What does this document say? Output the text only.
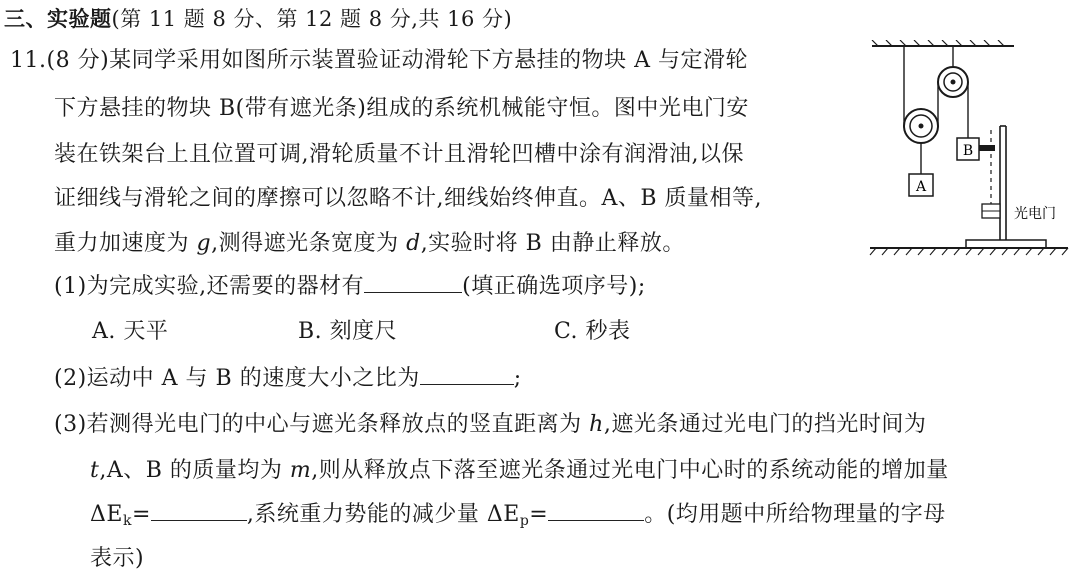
三、实验题(第 11 题 8 分、第 12 题 8 分,共 16 分)
11.(8 分)某同学采用如图所示装置验证动滑轮下方悬挂的物块 A 与定滑轮
下方悬挂的物块 B(带有遮光条)组成的系统机械能守恒。图中光电门安
装在铁架台上且位置可调,滑轮质量不计且滑轮凹槽中涂有润滑油,以保
证细线与滑轮之间的摩擦可以忽略不计,细线始终伸直。A、B 质量相等,
重力加速度为 g,测得遮光条宽度为 d,实验时将 B 由静止释放。
(1)为完成实验,还需要的器材有	(填正确选项序号);
A. 天平	B. 刻度尺	C. 秒表
(2)运动中 A 与 B 的速度大小之比为	;
(3)若测得光电门的中心与遮光条释放点的竖直距离为 h,遮光条通过光电门的挡光时间为
t,A、B 的质量均为 m,则从释放点下落至遮光条通过光电门中心时的系统动能的增加量
$\Delta E_k=$	,系统重力势能的减少量 $\Delta E_p=$	。(均用题中所给物理量的字母
表示)
A
B
光电门
